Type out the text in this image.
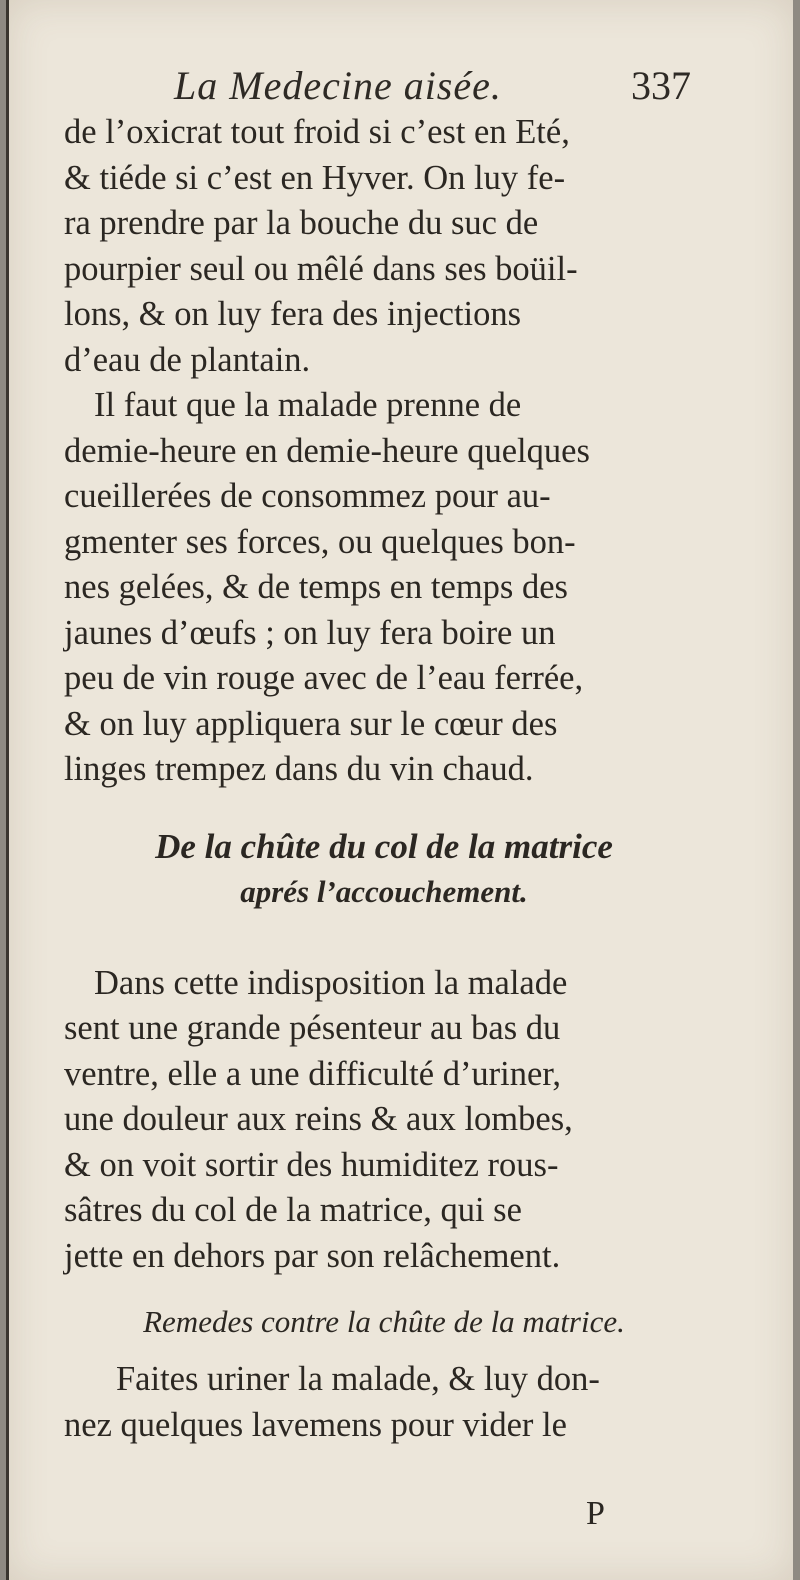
La Medecine aisée.	337

de l’oxicrat tout froid si c’est en Eté,
& tiéde si c’est en Hyver. On luy fe-
ra prendre par la bouche du suc de
pourpier seul ou mêlé dans ses boüil-
lons, & on luy fera des injections
d’eau de plantain.

Il faut que la malade prenne de
demie-heure en demie-heure quelques
cueillerées de consommez pour au-
gmenter ses forces, ou quelques bon-
nes gelées, & de temps en temps des
jaunes d’œufs ; on luy fera boire un
peu de vin rouge avec de l’eau ferrée,
& on luy appliquera sur le cœur des
linges trempez dans du vin chaud.

De la chûte du col de la matrice

aprés l’accouchement.

Dans cette indisposition la malade
sent une grande pésenteur au bas du
ventre, elle a une difficulté d’uriner,
une douleur aux reins & aux lombes,
& on voit sortir des humiditez rous-
sâtres du col de la matrice, qui se
jette en dehors par son relâchement.

Remedes contre la chûte de la matrice.

Faites uriner la malade, & luy don-
nez quelques lavemens pour vider le

P
